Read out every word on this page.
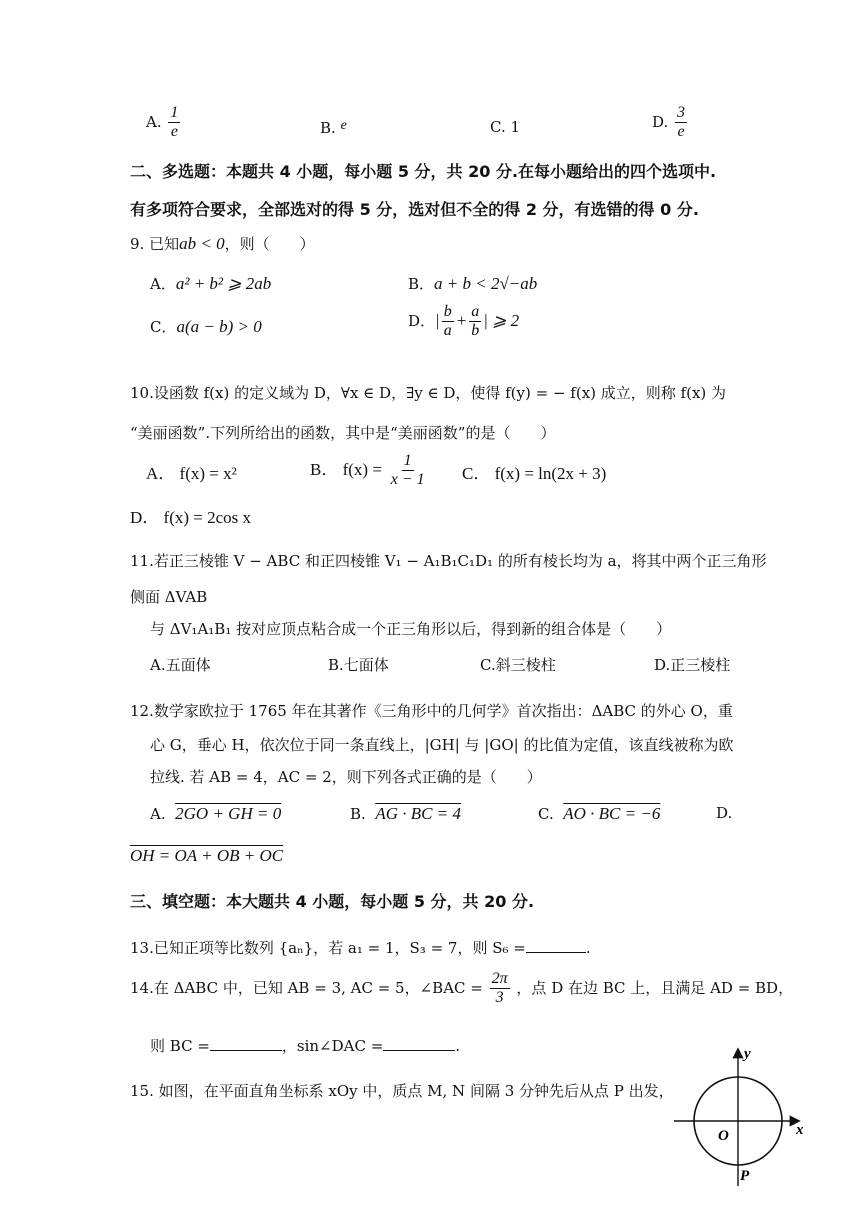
A. $\frac{1}{e}$	B. e	C. 1	D. $\frac{3}{e}$
二、多选题：本题共 4 小题，每小题 5 分，共 20 分.在每小题给出的四个选项中.
有多项符合要求，全部选对的得 5 分，选对但不全的得 2 分，有选错的得 0 分.
9. 已知ab < 0，则（　　）
A．a² + b² ⩾ 2ab	B．a + b < 2√−ab
C．a(a − b) > 0	D．| $\frac{b}{a} + \frac{a}{b}$ | ⩾ 2
10.设函数 f(x) 的定义域为 D，∀x ∈ D，∃y ∈ D，使得 f(y) = − f(x) 成立，则称 f(x) 为
“美丽函数”.下列所给出的函数，其中是“美丽函数”的是（　　）
A． f(x) = x²	B． $f(x) = \frac{1}{x - 1}$ C． f(x) = ln(2x + 3)
D． f(x) = 2cos x
11.若正三棱锥 V − ABC 和正四棱锥 V₁ − A₁B₁C₁D₁ 的所有棱长均为 a，将其中两个正三角形
侧面 ΔVAB
与 ΔV₁A₁B₁ 按对应顶点粘合成一个正三角形以后，得到新的组合体是（　　）
A.五面体	B.七面体	C.斜三棱柱	D.正三棱柱
12.数学家欧拉于 1765 年在其著作《三角形中的几何学》首次指出：ΔABC 的外心 O，重
心 G，垂心 H，依次位于同一条直线上，|GH| 与 |GO| 的比值为定值，该直线被称为欧
拉线. 若 AB = 4，AC = 2，则下列各式正确的是（　　）
A. 2GO + GH = 0	B. AG · BC = 4	C. AO · BC = −6	D.
OH = OA + OB + OC
三、填空题：本大题共 4 小题，每小题 5 分，共 20 分.
13.已知正项等比数列 {aₙ}，若 a₁ = 1，S₃ = 7，则 S₆ =	.
14.在 ΔABC 中，已知 AB = 3, AC = 5，∠BAC = $\frac{2\pi}{3}$ ，点 D 在边 BC 上，且满足 AD = BD，
则 BC =	，sin∠DAC =	.
15. 如图，在平面直角坐标系 xOy 中，质点 M, N 间隔 3 分钟先后从点 P 出发，
y
x
O
P
